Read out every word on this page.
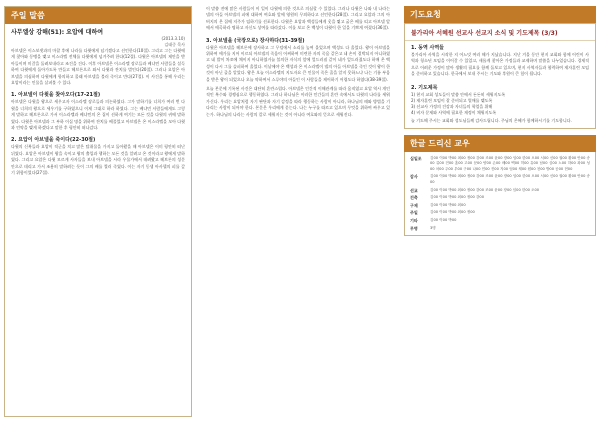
주일 말씀
사무엘상 강해(51): 요압에 대하여
(2013.3.10)
김태중 목사

아브넬은 이스보셋과의 마찰 후에 나라를 다윗에게 넘기겠다고 선언한다(10절). 그리고 그는 다윗에게 찾아와 동맹을 맺고 이스라엘 전체를 다윗에게 넘겨주려 한다(12절). 다윗은 아브넬의 제안을 받아들이며 미갈을 돌려보내라고 조건을 건다. 이후 아브넬은 이스라엘 장로들과 베냐민 사람들을 설득하여 다윗에게 돌아가도록 만들고 헤브론으로 와서 다윗과 잔치를 벌인다(20절). 그러나 요압은 아브넬을 의심하며 다윗에게 항의하고 몰래 아브넬을 불러 죽이고 만다(27절). 이 사건을 통해 우리는 요압이라는 인물을 살펴볼 수 있다.

1. 아브넬이 다윗을 찾아오다(17-21절)

아브넬은 다윗을 왕으로 세우고자 이스라엘 장로들과 의논하였다. 그가 말하기를 너희가 여러 번 다윗을 너희의 왕으로 세우기를 구하였으니 이제 그대로 하라 하였다. 그는 베냐민 사람들에게도 그렇게 말하고 헤브론으로 가서 이스라엘과 베냐민의 온 집이 선하게 여기는 모든 것을 다윗의 귀에 말하였다. 다윗은 아브넬과 그 부하 이십 명을 위하여 잔치를 베풀었고 아브넬은 온 이스라엘을 모아 다윗과 언약을 맺게 하겠다고 말한 후 평안히 떠나갔다.

2. 요압이 아브넬을 죽이다(22-30절)

다윗의 신복들과 요압이 적군을 치고 많은 탈취물을 가지고 돌아왔을 때 아브넬은 이미 평안히 떠난 뒤였다. 요압은 아브넬이 왕을 속이고 왕의 출입과 행하는 모든 것을 알려고 온 것이라고 왕에게 말하였다. 그리고 요압은 다윗 모르게 사자들을 보내 아브넬을 시라 우물가에서 데려왔고 헤브론의 성문 안으로 데리고 가서 조용히 말하려는 듯이 그의 배를 찔러 죽였다. 이는 자기 동생 아사헬의 피를 갚기 위함이었다(27절).

이 말씀 전에 많은 사람들이 이 일이 다윗에 의한 것으로 의심할 수 있었다. 그러나 다윗은 나와 내 나라는 넬의 아들 아브넬의 피에 대하여 여호와 앞에 영원히 무죄하다고 선언한다(28절). 그리고 요압과 그의 아버지의 온 집에 저주가 임하기를 선포한다. 다윗은 요압과 백성들에게 옷을 찢고 굵은 베를 띠고 아브넬 앞에서 애곡하라 명하고 자신도 상여를 따라갔다. 이를 보고 온 백성이 다윗이 한 일을 기쁘게 여겼다(36절).

3. 아브넬을 (국장으로) 장사하다(31-39절)

다윗은 아브넬을 헤브론에 장사하고 그 무덤에서 소리를 높여 울었으며 백성도 다 울었다. 왕이 아브넬을 위하여 애가를 지어 이르되 아브넬의 죽음이 어찌하여 미련한 자의 죽음 같은고 네 손이 결박되지 아니하였고 네 발이 차꼬에 채이지 아니하였거늘 불의한 자식의 앞에 엎드러짐 같이 네가 엎드러졌도다 하매 온 백성이 다시 그를 슬퍼하여 울었다. 이날에야 온 백성과 온 이스라엘이 넬의 아들 아브넬을 죽인 것이 왕이 한 것이 아닌 줄을 알았다. 왕은 오늘 이스라엘의 지도자요 큰 인물이 죽은 줄을 알지 못하느냐 나는 기름 부음을 받은 왕이 되었으나 오늘 약하여서 스루야의 아들인 이 사람들을 제어하기 어렵도다 하였다(38-39절).

오늘 본문에 기록된 사건은 대단히 혼란스럽다. 아브넬은 인간적 이해관계를 따라 움직였고 요압 역시 개인적인 복수와 경쟁심으로 행동하였다. 그러나 하나님은 이러한 인간들의 혼란 속에서도 다윗의 나라를 세워 가신다. 우리는 요압처럼 자기 판단과 자기 감정을 따라 행동하는 사람이 아니라, 하나님의 때와 방법을 기다리는 사람이 되어야 한다. 본문은 우리에게 묻는다. 나는 누구를 따르고 있으며 무엇을 위하여 싸우고 있는가. 하나님의 나라는 사람의 칼로 세워지는 것이 아니라 여호와의 뜻으로 세워진다.

기도요청
불가리아 서혜원 선교사 선교지 소식 및 기도제목 (3/3)
1. 동역 사역들

불가리아 사역을 시작한 지 어느덧 여러 해가 지났습니다. 지난 겨울 동안 현지 교회와 함께 어린이 사역과 청소년 모임을 이어갈 수 있었고, 새롭게 찾아온 가정들과 교제하며 말씀을 나누었습니다. 경제적으로 어려운 가정이 많아 생활의 필요를 함께 돌보고 있으며, 현지 사역자들과 협력하여 제자훈련 모임을 준비하고 있습니다. 한국에서 보내 주시는 기도와 후원이 큰 힘이 됩니다.

2. 기도제목
1) 현지 교회 성도들이 말씀 안에서 든든히 세워지도록
2) 제자훈련 모임이 잘 준비되고 열매를 맺도록
3) 선교사 가정의 건강과 자녀들의 학업을 위해
4) 비자 문제와 사역에 필요한 재정이 채워지도록
늘 기도해 주시는 교회와 성도님들께 감사드립니다. 주님의 은혜가 함께하시기를 기도합니다.
한글 드리신 교우
십일조	김00 이00 박00 최00 정00 강00 조00 윤00 장00 임00 한00 오00 서00 신00 권00 황00 안00 송00 류00 전00 홍00 고00 문00 양00 손00 배00 백00 허00 유00 남00 심00 노00 하00 곽00 성00 차00 주00 우00 구00 나00 민00 진00 지00 엄00 채00 원00 천00 방00 공00 현00
감사	김00 이00 박00 최00 정00 강00 조00 윤00 장00 임00 한00 오00 서00 신00 권00 황00 안00 송00
선교	김00 이00 박00 최00 정00 강00 조00 윤00 장00 임00 한00 오00
건축	김00 이00 박00 최00 정00 강00
구제	김00 이00 박00 최00
주일	김00 이00 박00 최00 정00
기타	김00 이00 박00
무명	3명
